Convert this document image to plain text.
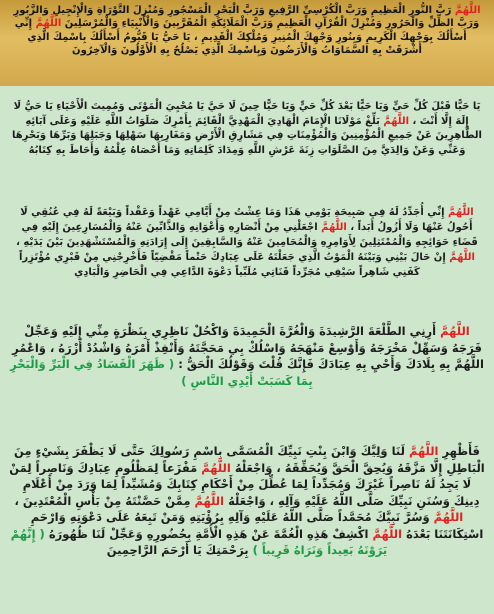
اللَّهُمَّ رَبَّ النُّورِ الْعَظِيمِ وَرَبَّ الْكُرْسِيِّ الرَّفِيعِ وَرَبَّ الْبَحْرِ الْمَسْجُورِ وَمُنْزِلَ التَّوْرَاةِ وَالْإِنْجِيلِ وَالزَّبُورِ وَرَبَّ الظِّلِّ وَالْحَرُورِ وَمُنْزِلَ الْقُرْآنِ الْعَظِيمِ وَرَبَّ الْمَلَائِكَةِ الْمُقَرَّبِينَ وَالْأَنْبِيَاءِ وَالْمُرْسَلِينَ اللَّهُمَّ إِنِّي أَسْأَلُكَ بِوَجْهِكَ الْكَرِيمِ وَبِنُورِ وَجْهِكَ الْمُنِيرِ وَمُلْكِكَ الْقَدِيمِ ، يَا حَيُّ يَا قَيُّومُ أَسْأَلُكَ بِاسْمِكَ الَّذِي أَشْرَقَتْ بِهِ السَّمَاوَاتُ وَالْأَرَضُونَ وَبِاسْمِكَ الَّذِي يَصْلُحُ بِهِ الْأَوَّلُونَ وَالْآخِرُونَ
يَا حَيًّا قَبْلَ كُلِّ حَيٍّ وَيَا حَيًّا بَعْدَ كُلِّ حَيٍّ وَيَا حَيًّا حِينَ لَا حَيَّ يَا مُحْيِيَ الْمَوْتَى وَمُمِيتَ الْأَحْيَاءِ يَا حَيُّ لَا إِلَهَ إِلَّا أَنْتَ ، اللَّهُمَّ بَلِّغْ مَوْلَانَا الْإِمَامَ الْهَادِيَ الْمَهْدِيَّ الْقَائِمَ بِأَمْرِكَ صَلَوَاتُ اللَّهِ عَلَيْهِ وَعَلَى آبَائِهِ الطَّاهِرِينَ عَنْ جَمِيعِ الْمُؤْمِنِينَ وَالْمُؤْمِنَاتِ فِي مَشَارِقِ الْأَرْضِ وَمَغَارِبِهَا سَهْلِهَا وَجَبَلِهَا وَبَرِّهَا وَبَحْرِهَا وَعَنِّي وَعَنْ وَالِدَيَّ مِنَ الصَّلَوَاتِ زِنَةَ عَرْشِ اللَّهِ وَمِدَادَ كَلِمَاتِهِ وَمَا أَحْصَاهُ عِلْمُهُ وَأَحَاطَ بِهِ كِتَابُهُ
اللَّهُمَّ إِنِّي أُجَدِّدُ لَهُ فِي صَبِيحَةِ يَوْمِي هَذَا وَمَا عِشْتُ مِنْ أَيَّامِي عَهْداً وَعَقْداً وَبَيْعَةً لَهُ فِي عُنُقِي لَا أَحُولُ عَنْهَا وَلَا أَزُولُ أَبَداً ، اللَّهُمَّ اجْعَلْنِي مِنْ أَنْصَارِهِ وَأَعْوَانِهِ وَالذَّابِّينَ عَنْهُ وَالْمُسَارِعِينَ إِلَيْهِ فِي قَضَاءِ حَوَائِجِهِ وَالْمُمْتَثِلِينَ لِأَوَامِرِهِ وَالْمُحَامِينَ عَنْهُ وَالسَّابِقِينَ إِلَى إِرَادَتِهِ وَالْمُسْتَشْهَدِينَ بَيْنَ يَدَيْهِ ، اللَّهُمَّ إِنْ حَالَ بَيْنِي وَبَيْنَهُ الْمَوْتُ الَّذِي جَعَلْتَهُ عَلَى عِبَادِكَ حَتْماً مَقْضِيّاً فَأَخْرِجْنِي مِنْ قَبْرِي مُؤْتَزِراً كَفَنِي شَاهِراً سَيْفِي مُجَرِّداً قَنَاتِي مُلَبِّياً دَعْوَةَ الدَّاعِي فِي الْحَاضِرِ وَالْبَادِي
اللَّهُمَّ أَرِنِي الطَّلْعَةَ الرَّشِيدَةَ وَالْغُرَّةَ الْحَمِيدَةَ وَاكْحُلْ نَاظِرِي بِنَظْرَةٍ مِنِّي إِلَيْهِ وَعَجِّلْ فَرَجَهُ وَسَهِّلْ مَخْرَجَهُ وَأَوْسِعْ مَنْهَجَهُ وَاسْلُكْ بِي مَحَجَّتَهُ وَأَنْفِذْ أَمْرَهُ وَاشْدُدْ أَزْرَهُ ، وَاعْمُرِ اللَّهُمَّ بِهِ بِلَادَكَ وَأَحْيِ بِهِ عِبَادَكَ فَإِنَّكَ قُلْتَ وَقَوْلُكَ الْحَقُّ : ( ظَهَرَ الْفَسَادُ فِي الْبَرِّ وَالْبَحْرِ بِمَا كَسَبَتْ أَيْدِي النَّاسِ )
فَأَظْهِرِ اللَّهُمَّ لَنَا وَلِيَّكَ وَابْنَ بِنْتِ نَبِيِّكَ الْمُسَمَّى بِاسْمِ رَسُولِكَ حَتَّى لَا يَظْفَرَ بِشَيْءٍ مِنَ الْبَاطِلِ إِلَّا مَزَّقَهُ وَيُحِقَّ الْحَقَّ وَيُحَقِّقَهُ ، وَاجْعَلْهُ اللَّهُمَّ مَفْزَعاً لِمَظْلُومِ عِبَادِكَ وَنَاصِراً لِمَنْ لَا يَجِدُ لَهُ نَاصِراً غَيْرَكَ وَمُجَدِّداً لِمَا عُطِّلَ مِنْ أَحْكَامِ كِتَابِكَ وَمُشَيِّداً لِمَا وَرَدَ مِنْ أَعْلَامِ دِينِكَ وَسُنَنِ نَبِيِّكَ صَلَّى اللَّهُ عَلَيْهِ وَآلِهِ ، وَاجْعَلْهُ اللَّهُمَّ مِمَّنْ حَصَّنْتَهُ مِنْ بَأْسِ الْمُعْتَدِينَ ، اللَّهُمَّ وَسُرَّ نَبِيَّكَ مُحَمَّداً صَلَّى اللَّهُ عَلَيْهِ وَآلِهِ بِرُؤْيَتِهِ وَمَنْ تَبِعَهُ عَلَى دَعْوَتِهِ وَارْحَمِ اسْتِكَانَتَنَا بَعْدَهُ اللَّهُمَّ اكْشِفْ هَذِهِ الْغُمَّةَ عَنْ هَذِهِ الْأُمَّةِ بِحُضُورِهِ وَعَجِّلْ لَنَا ظُهُورَهُ ( إِنَّهُمْ يَرَوْنَهُ بَعِيداً وَنَرَاهُ قَرِيباً ) بِرَحْمَتِكَ يَا أَرْحَمَ الرَّاحِمِينَ
